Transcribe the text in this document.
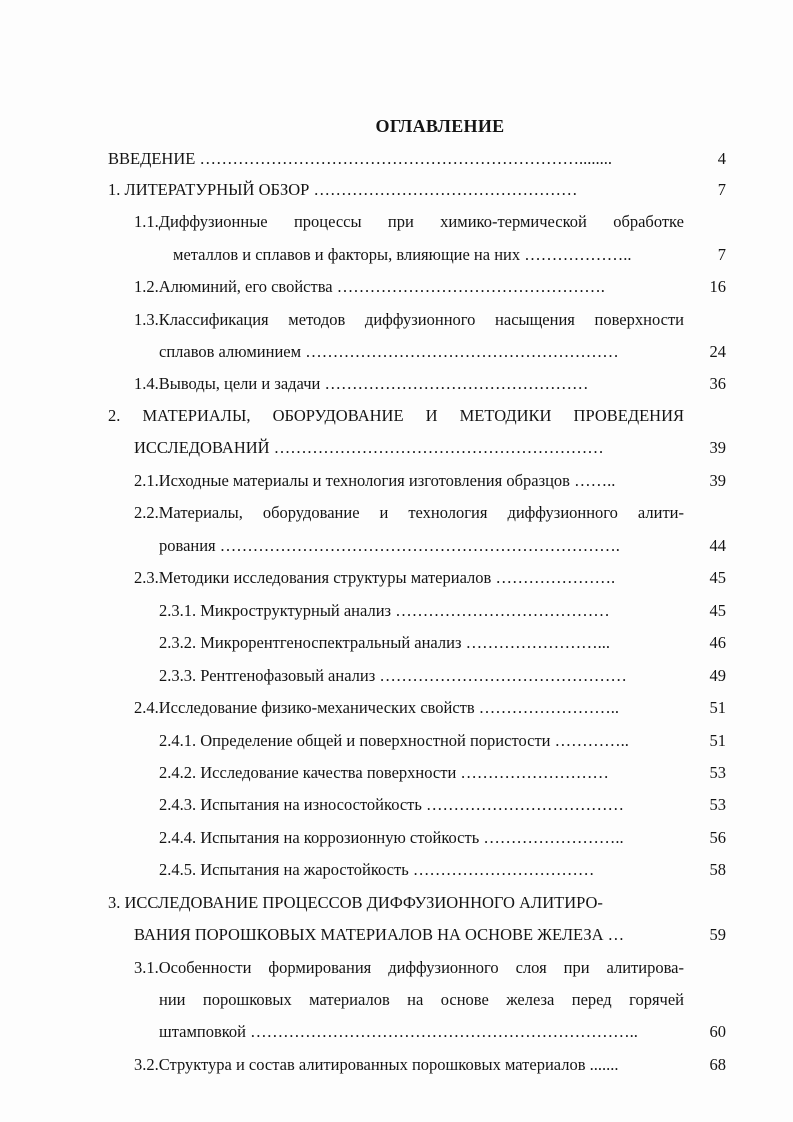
ОГЛАВЛЕНИЕ
ВВЕДЕНИЕ ……………………………………………………………........	4
1. ЛИТЕРАТУРНЫЙ ОБЗОР …………………………………………	7
1.1.Диффузионные процессы при химико-термической обработке
металлов и сплавов и факторы, влияющие на них ………………..	7
1.2.Алюминий, его свойства ………………………………………….	16
1.3.Классификация методов диффузионного насыщения поверхности
сплавов алюминием …………………………………………………	24
1.4.Выводы, цели и задачи …………………………………………	36
2. МАТЕРИАЛЫ, ОБОРУДОВАНИЕ И МЕТОДИКИ ПРОВЕДЕНИЯ
ИССЛЕДОВАНИЙ ……………………………………………………	39
2.1.Исходные материалы и технология изготовления образцов ……..	39
2.2.Материалы, оборудование и технология диффузионного алити-
рования ……………………………………………………………….	44
2.3.Методики исследования структуры материалов ………………….	45
2.3.1. Микроструктурный анализ …………………………………	45
2.3.2. Микрорентгеноспектральный анализ ……………………...	46
2.3.3. Рентгенофазовый анализ ………………………………………	49
2.4.Исследование физико-механических свойств ……………………..	51
2.4.1. Определение общей и поверхностной пористости …………..	51
2.4.2. Исследование качества поверхности ………………………	53
2.4.3. Испытания на износостойкость ………………………………	53
2.4.4. Испытания на коррозионную стойкость ……………………..	56
2.4.5. Испытания на жаростойкость ……………………………	58
3. ИССЛЕДОВАНИЕ ПРОЦЕССОВ ДИФФУЗИОННОГО АЛИТИРО-
ВАНИЯ ПОРОШКОВЫХ МАТЕРИАЛОВ НА ОСНОВЕ ЖЕЛЕЗА …	59
3.1.Особенности формирования диффузионного слоя при алитирова-
нии порошковых материалов на основе железа перед горячей
штамповкой ……………………………………………………………..	60
3.2.Структура и состав алитированных порошковых материалов .......	68
